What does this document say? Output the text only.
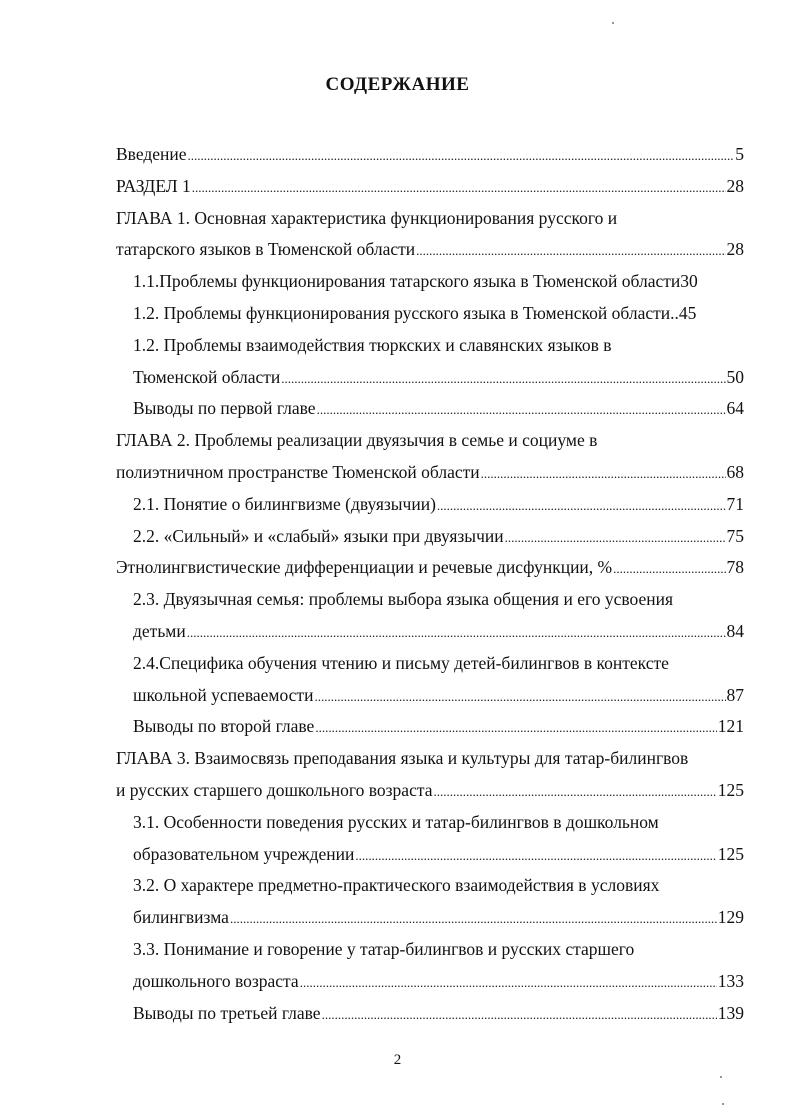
СОДЕРЖАНИЕ
Введение .....	5
РАЗДЕЛ 1 .....	28
ГЛАВА 1. Основная характеристика функционирования русского и
татарского языков в Тюменской области .....	28
1.1.Проблемы функционирования татарского языка в Тюменской области30
1.2. Проблемы функционирования русского языка в Тюменской области..45
1.2. Проблемы взаимодействия тюркских и славянских языков в
Тюменской области .....	50
Выводы по первой главе .....	64
ГЛАВА 2. Проблемы реализации двуязычия в семье и социуме в
полиэтничном пространстве Тюменской области .....	68
2.1. Понятие о билингвизме (двуязычии) .....	71
2.2. «Сильный» и «слабый» языки при двуязычии .....	75
Этнолингвистические дифференциации и речевые дисфункции, % .....	78
2.3. Двуязычная семья: проблемы выбора языка общения и его усвоения
детьми .....	84
2.4.Специфика обучения чтению и письму детей-билингвов в контексте
школьной успеваемости .....	87
Выводы по второй главе .....	121
ГЛАВА 3. Взаимосвязь преподавания языка и культуры для татар-билингвов
и русских старшего дошкольного возраста .....	125
3.1. Особенности поведения русских и татар-билингвов в дошкольном
образовательном учреждении .....	125
3.2. О характере предметно-практического взаимодействия в условиях
билингвизма .....	129
3.3. Понимание и говорение у татар-билингвов и русских старшего
дошкольного возраста .....	133
Выводы по третьей главе .....	139
2
